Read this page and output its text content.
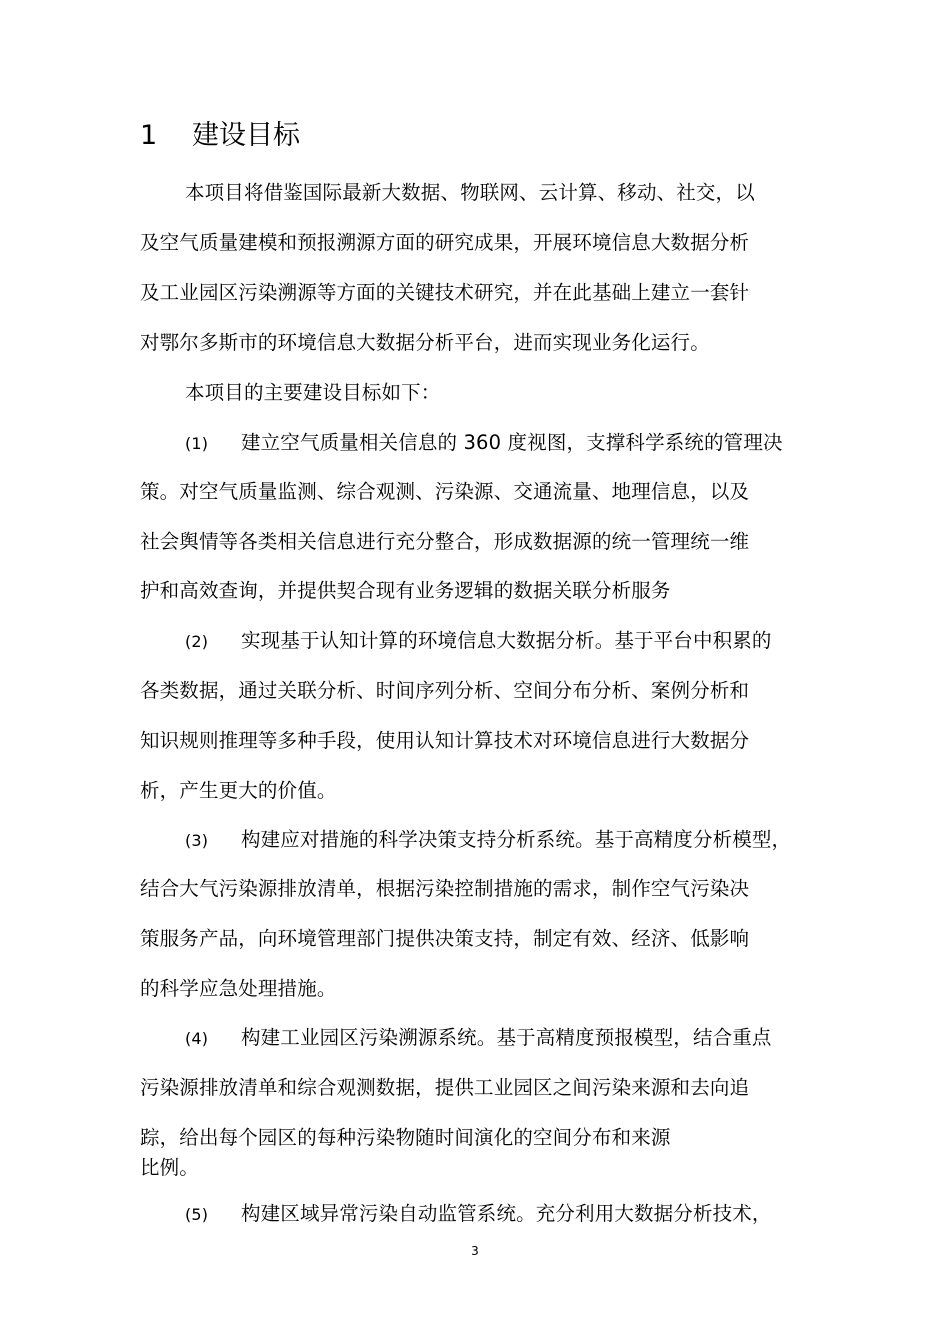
1 建设目标
本项目将借鉴国际最新大数据、物联网、云计算、移动、社交，以
及空气质量建模和预报溯源方面的研究成果，开展环境信息大数据分析
及工业园区污染溯源等方面的关键技术研究，并在此基础上建立一套针
对鄂尔多斯市的环境信息大数据分析平台，进而实现业务化运行。
本项目的主要建设目标如下：
(1) 建立空气质量相关信息的 360 度视图，支撑科学系统的管理决
策。对空气质量监测、综合观测、污染源、交通流量、地理信息，以及
社会舆情等各类相关信息进行充分整合，形成数据源的统一管理统一维
护和高效查询，并提供契合现有业务逻辑的数据关联分析服务
(2) 实现基于认知计算的环境信息大数据分析。基于平台中积累的
各类数据，通过关联分析、时间序列分析、空间分布分析、案例分析和
知识规则推理等多种手段，使用认知计算技术对环境信息进行大数据分
析，产生更大的价值。
(3) 构建应对措施的科学决策支持分析系统。基于高精度分析模型，
结合大气污染源排放清单，根据污染控制措施的需求，制作空气污染决
策服务产品，向环境管理部门提供决策支持，制定有效、经济、低影响
的科学应急处理措施。
(4) 构建工业园区污染溯源系统。基于高精度预报模型，结合重点
污染源排放清单和综合观测数据，提供工业园区之间污染来源和去向追
踪，给出每个园区的每种污染物随时间演化的空间分布和来源
比例。
(5) 构建区域异常污染自动监管系统。充分利用大数据分析技术，
3
